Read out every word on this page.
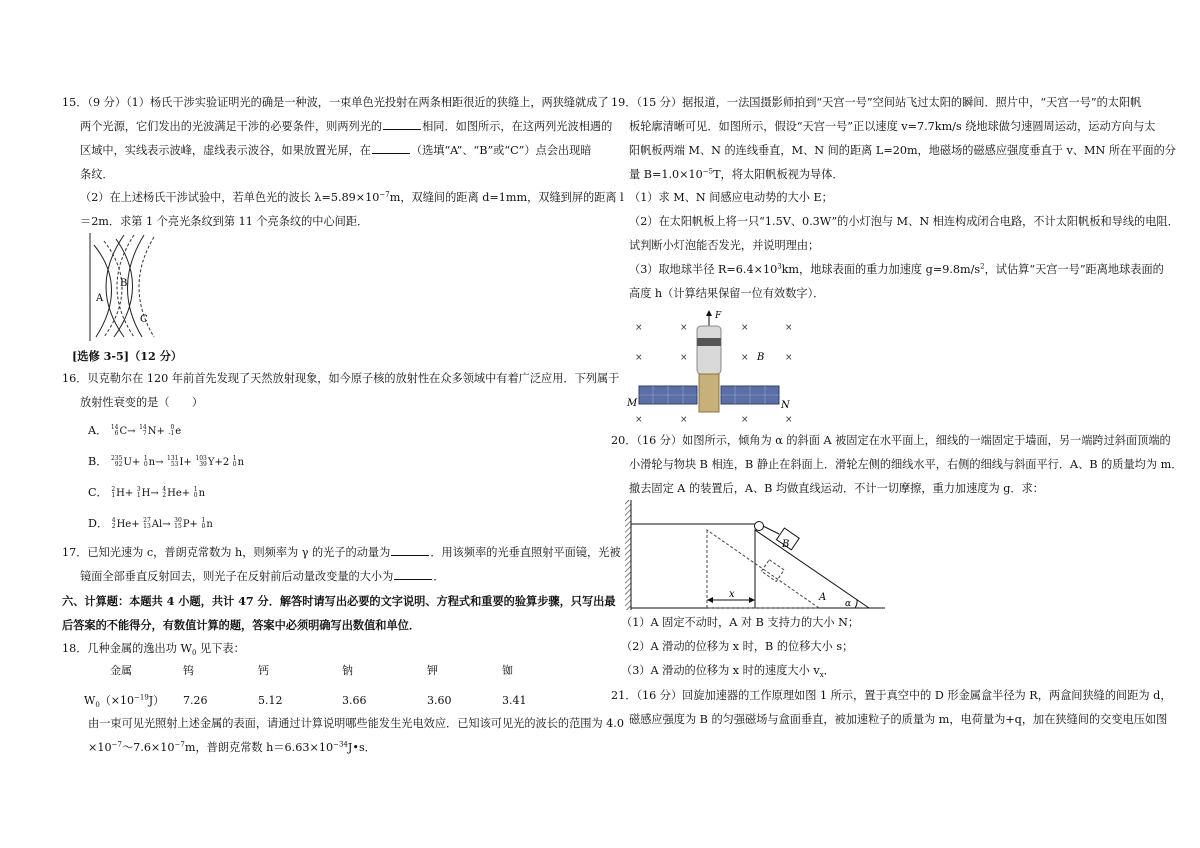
15．（9 分）（1）杨氏干涉实验证明光的确是一种波，一束单色光投射在两条相距很近的狭缝上，两狭缝就成了
两个光源，它们发出的光波满足干涉的必要条件，则两列光的	相同．如图所示，在这两列光波相遇的
区域中，实线表示波峰，虚线表示波谷，如果放置光屏，在	（选填“A”、“B”或“C”）点会出现暗
条纹．
（2）在上述杨氏干涉试验中，若单色光的波长 $\lambda=5.89\times 10^{-7}m$，双缝间的距离 d=1mm，双缝到屏的距离 l
＝2m．求第 1 个亮光条纹到第 11 个亮条纹的中心间距．
A
B
C
[选修 3-5]（12 分）
16．贝克勒尔在 120 年前首先发现了天然放射现象，如今原子核的放射性在众多领域中有着广泛应用．下列属于
放射性衰变的是（　　）
A． 14
6 C→ 14
7 N+ 0
-1 e
B． 235
92 U+ 1
0 n→ 131
53 I+ 103
39 Y+2 1
0 n
C． 2
1 H+ 3
1 H→ 4
2 He+ 1
0 n
D． 4
2 He+ 27
13 Al→ 30
15 P+ 1
0 n
17．已知光速为 c，普朗克常数为 h，则频率为 γ 的光子的动量为	．用该频率的光垂直照射平面镜，光被
镜面全部垂直反射回去，则光子在反射前后动量改变量的大小为	．
六、计算题：本题共 4 小题，共计 47 分．解答时请写出必要的文字说明、方程式和重要的验算步骤，只写出最
后答案的不能得分，有数值计算的题，答案中必须明确写出数值和单位．
18．几种金属的逸出功 $W_0$ 见下表：
金属	钨	钙	钠	钾	铷
$W_0(\times 10^{-19}J)$	7.26	5.12	3.66	3.60	3.41
由一束可见光照射上述金属的表面，请通过计算说明哪些能发生光电效应．已知该可见光的波长的范围为 4.0
$\times 10^{-7}\sim 7.6\times 10^{-7}m$，普朗克常数 $h=6.63\times 10^{-34}J•s$．
19．（15 分）据报道，一法国摄影师拍到“天宫一号”空间站飞过太阳的瞬间．照片中，“天宫一号”的太阳帆
板轮廓清晰可见．如图所示，假设“天宫一号”正以速度 v=7.7km/s 绕地球做匀速圆周运动，运动方向与太
阳帆板两端 M、N 的连线垂直，M、N 间的距离 L=20m，地磁场的磁感应强度垂直于 v、MN 所在平面的分
量 $B=1.0\times 10^{-5}T$，将太阳帆板视为导体．
（1）求 M、N 间感应电动势的大小 E；
（2）在太阳帆板上将一只“1.5V、0.3W”的小灯泡与 M、N 相连构成闭合电路，不计太阳帆板和导线的电阻．
试判断小灯泡能否发光，并说明理由；
（3）取地球半径 $R=6.4\times 10^3km$，地球表面的重力加速度 $g=9.8m/s^2$，试估算“天宫一号”距离地球表面的
高度 h（计算结果保留一位有效数字）．
×	×	×	×
×	×	×	×
×	×	×	×
F
B
M	N
20．（16 分）如图所示，倾角为 α 的斜面 A 被固定在水平面上，细线的一端固定于墙面，另一端跨过斜面顶端的
小滑轮与物块 B 相连，B 静止在斜面上．滑轮左侧的细线水平，右侧的细线与斜面平行．A、B 的质量均为 m．
撤去固定 A 的装置后，A、B 均做直线运动．不计一切摩擦，重力加速度为 g．求：
B
x	A
α
（1）A 固定不动时，A 对 B 支持力的大小 N；
（2）A 滑动的位移为 x 时，B 的位移大小 s；
（3）A 滑动的位移为 x 时的速度大小 $v_x$．
21．（16 分）回旋加速器的工作原理如图 1 所示，置于真空中的 D 形金属盒半径为 R，两盒间狭缝的间距为 d，
磁感应强度为 B 的匀强磁场与盒面垂直，被加速粒子的质量为 m，电荷量为+q，加在狭缝间的交变电压如图
